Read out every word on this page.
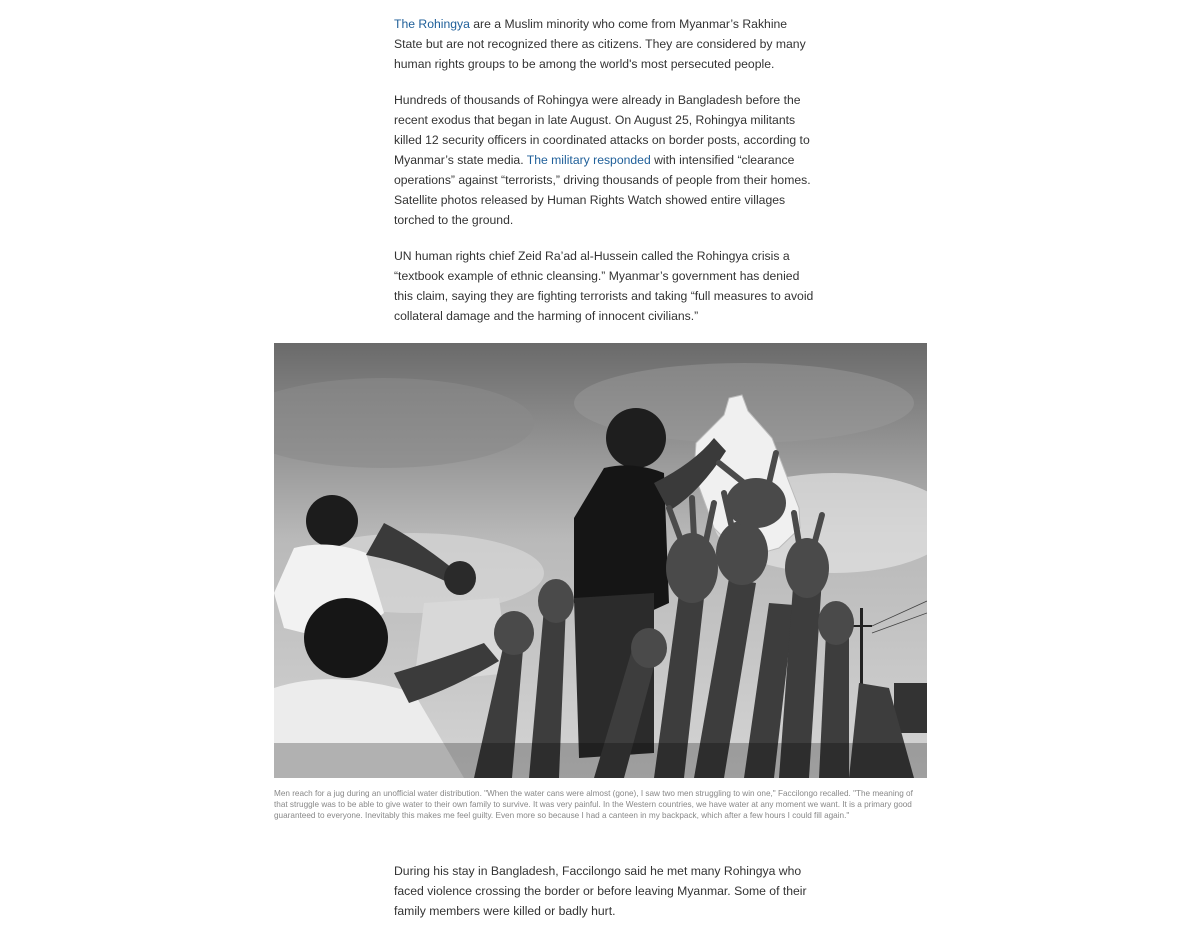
The Rohingya are a Muslim minority who come from Myanmar’s Rakhine State but are not recognized there as citizens. They are considered by many human rights groups to be among the world's most persecuted people.

Hundreds of thousands of Rohingya were already in Bangladesh before the recent exodus that began in late August. On August 25, Rohingya militants killed 12 security officers in coordinated attacks on border posts, according to Myanmar’s state media. The military responded with intensified “clearance operations” against “terrorists,” driving thousands of people from their homes. Satellite photos released by Human Rights Watch showed entire villages torched to the ground.

UN human rights chief Zeid Ra’ad al-Hussein called the Rohingya crisis a “textbook example of ethnic cleansing.” Myanmar’s government has denied this claim, saying they are fighting terrorists and taking “full measures to avoid collateral damage and the harming of innocent civilians.”

Men reach for a jug during an unofficial water distribution. "When the water cans were almost (gone), I saw two men struggling to win one," Faccilongo recalled. "The meaning of that struggle was to be able to give water to their own family to survive. It was very painful. In the Western countries, we have water at any moment we want. It is a primary good guaranteed to everyone. Inevitably this makes me feel guilty. Even more so because I had a canteen in my backpack, which after a few hours I could fill again."

During his stay in Bangladesh, Faccilongo said he met many Rohingya who faced violence crossing the border or before leaving Myanmar. Some of their family members were killed or badly hurt.
